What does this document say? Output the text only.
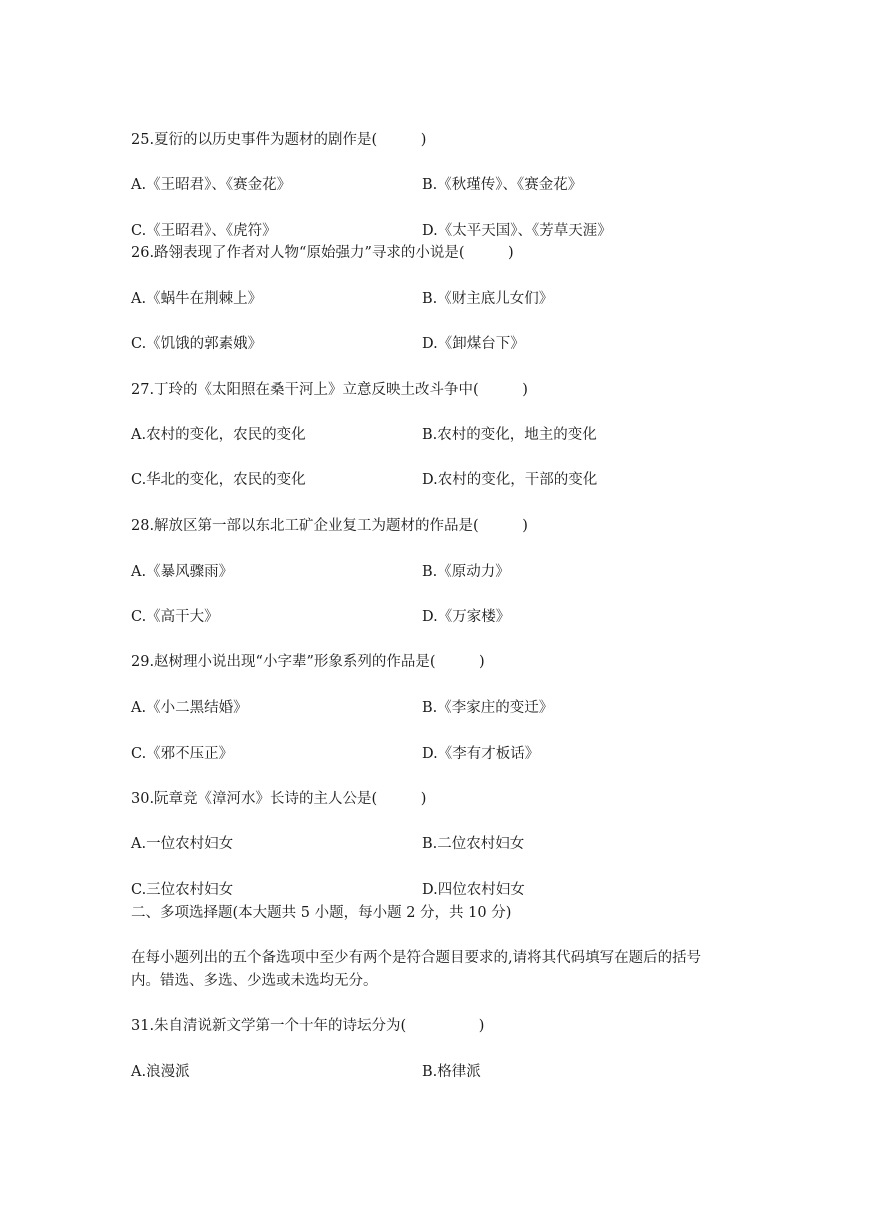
25.夏衍的以历史事件为题材的剧作是(　　　)
A.《王昭君》、《赛金花》	B.《秋瑾传》、《赛金花》
C.《王昭君》、《虎符》	D.《太平天国》、《芳草天涯》
26.路翎表现了作者对人物“原始强力”寻求的小说是(　　　)
A.《蜗牛在荆棘上》	B.《财主底儿女们》
C.《饥饿的郭素娥》	D.《卸煤台下》
27.丁玲的《太阳照在桑干河上》立意反映土改斗争中(　　　)
A.农村的变化，农民的变化	B.农村的变化，地主的变化
C.华北的变化，农民的变化	D.农村的变化，干部的变化
28.解放区第一部以东北工矿企业复工为题材的作品是(　　　)
A.《暴风骤雨》	B.《原动力》
C.《高干大》	D.《万家楼》
29.赵树理小说出现“小字辈”形象系列的作品是(　　　)
A.《小二黑结婚》	B.《李家庄的变迁》
C.《邪不压正》	D.《李有才板话》
30.阮章竞《漳河水》长诗的主人公是(　　　)
A.一位农村妇女	B.二位农村妇女
C.三位农村妇女	D.四位农村妇女
二、多项选择题(本大题共 5 小题，每小题 2 分，共 10 分)
在每小题列出的五个备选项中至少有两个是符合题目要求的,请将其代码填写在题后的括号
内。错选、多选、少选或未选均无分。
31.朱自清说新文学第一个十年的诗坛分为(　　　　　)
A.浪漫派	B.格律派
